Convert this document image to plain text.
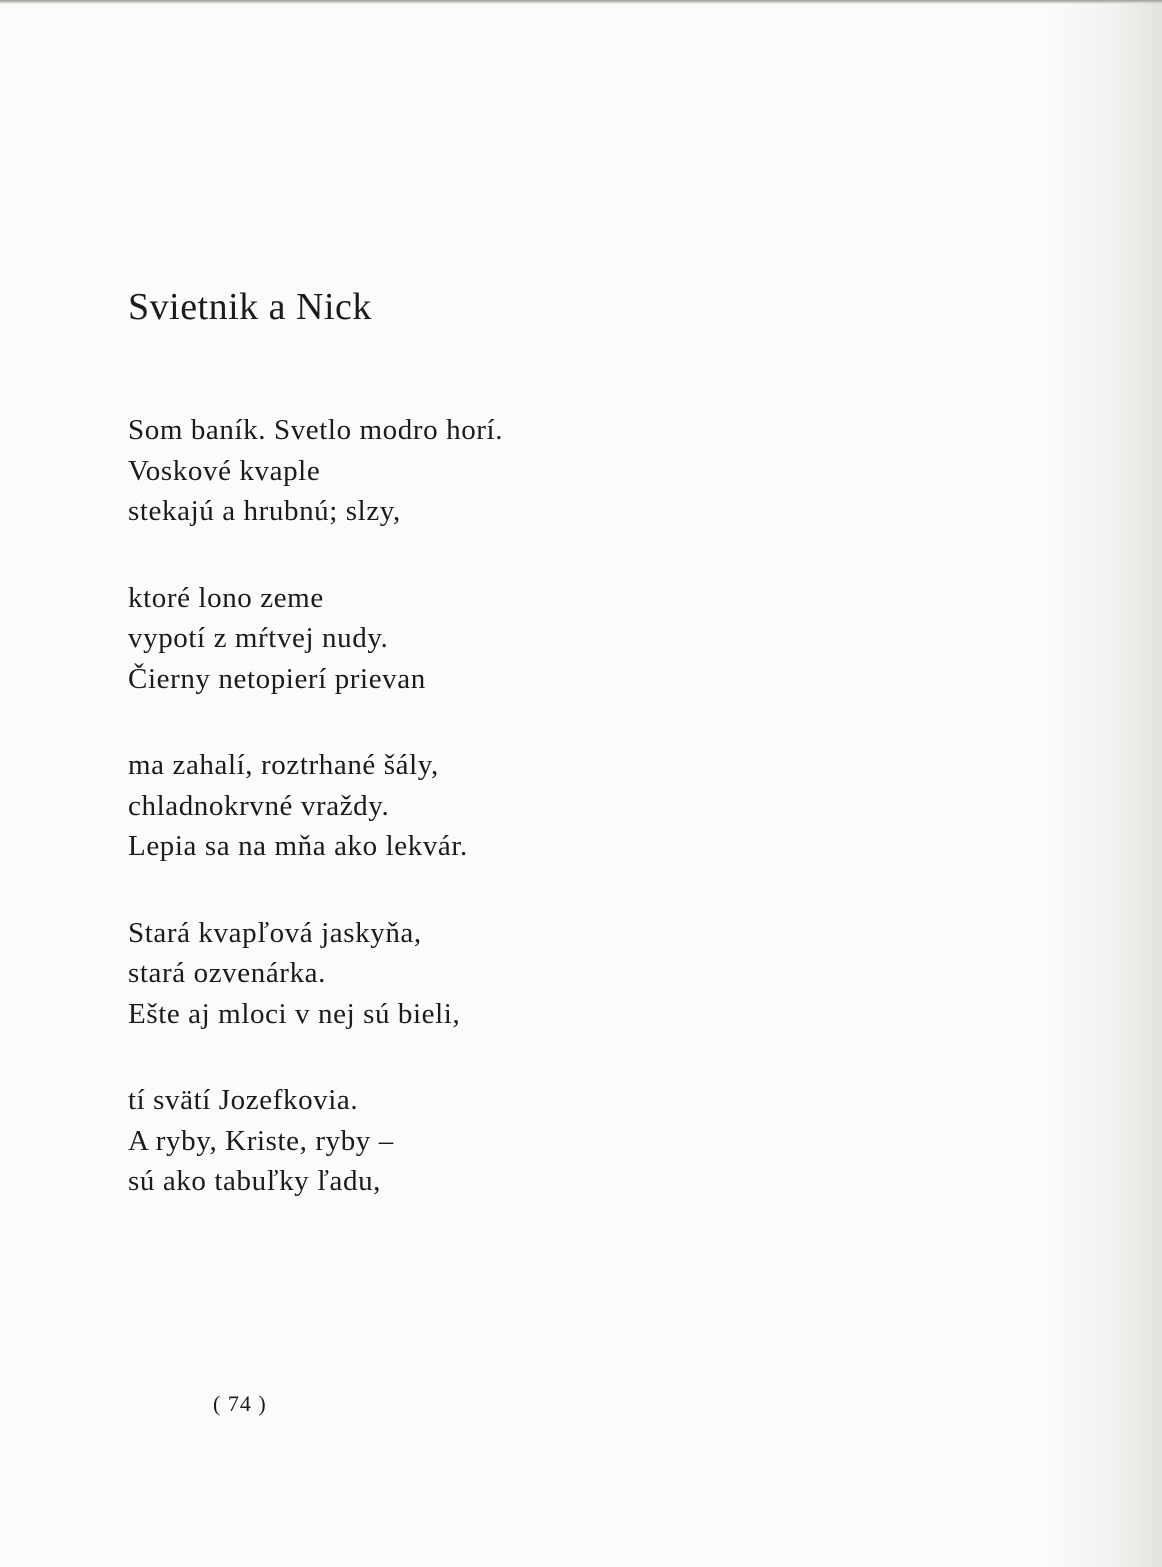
Svietnik a Nick
Som baník. Svetlo modro horí.
Voskové kvaple
stekajú a hrubnú; slzy,
ktoré lono zeme
vypotí z mŕtvej nudy.
Čierny netopierí prievan
ma zahalí, roztrhané šály,
chladnokrvné vraždy.
Lepia sa na mňa ako lekvár.
Stará kvapľová jaskyňa,
stará ozvenárka.
Ešte aj mloci v nej sú bieli,
tí svätí Jozefkovia.
A ryby, Kriste, ryby –
sú ako tabuľky ľadu,
( 74 )
